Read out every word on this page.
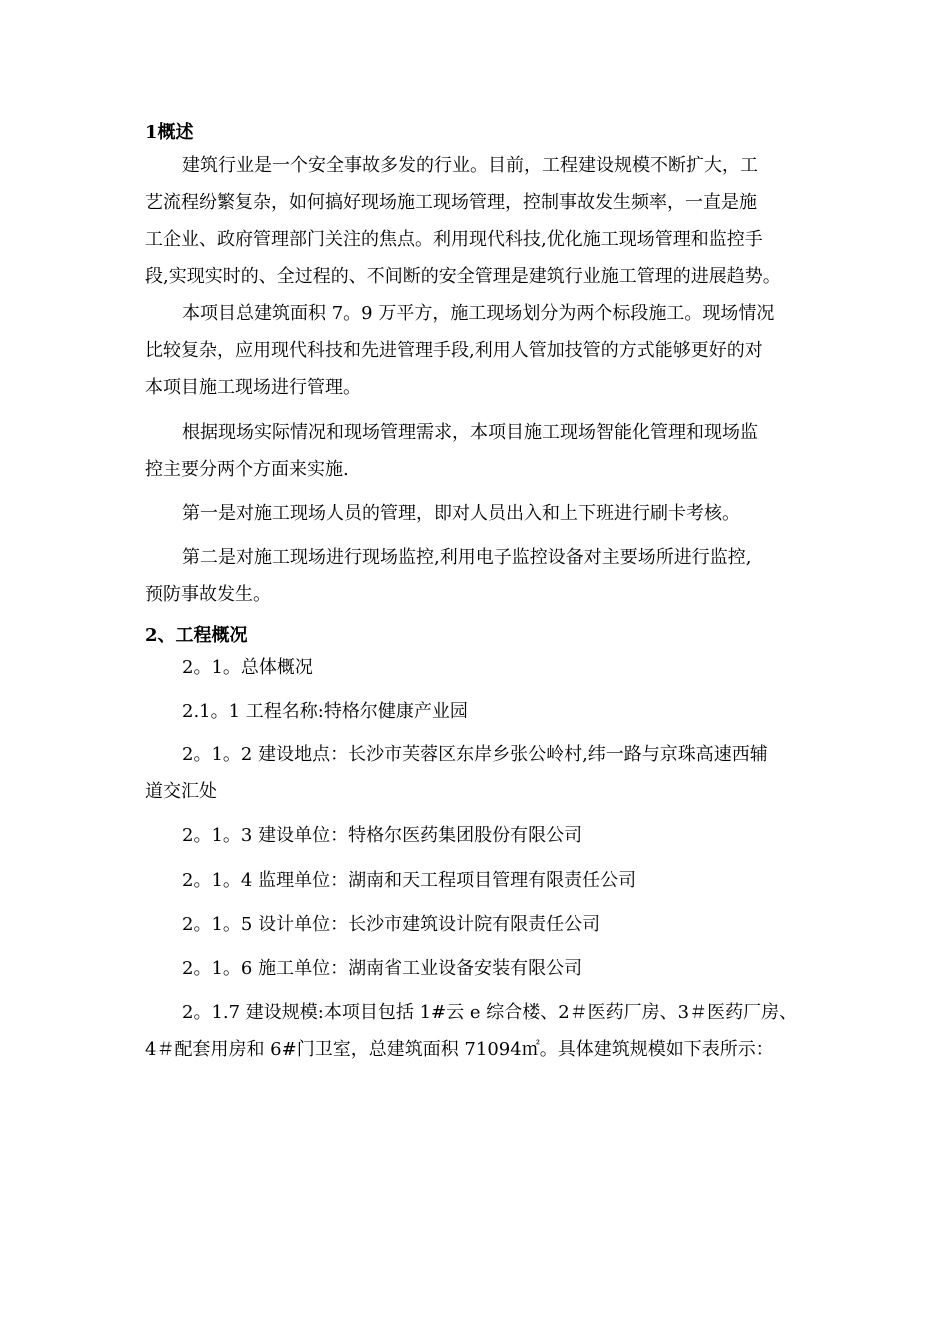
1概述
建筑行业是一个安全事故多发的行业。目前，工程建设规模不断扩大，工
艺流程纷繁复杂，如何搞好现场施工现场管理，控制事故发生频率，一直是施
工企业、政府管理部门关注的焦点。利用现代科技,优化施工现场管理和监控手
段,实现实时的、全过程的、不间断的安全管理是建筑行业施工管理的进展趋势。
本项目总建筑面积 7。9 万平方，施工现场划分为两个标段施工。现场情况
比较复杂，应用现代科技和先进管理手段,利用人管加技管的方式能够更好的对
本项目施工现场进行管理。
根据现场实际情况和现场管理需求，本项目施工现场智能化管理和现场监
控主要分两个方面来实施.
第一是对施工现场人员的管理，即对人员出入和上下班进行刷卡考核。
第二是对施工现场进行现场监控,利用电子监控设备对主要场所进行监控,
预防事故发生。
2、工程概况
2。1。总体概况
2.1。1 工程名称:特格尔健康产业园
2。1。2 建设地点：长沙市芙蓉区东岸乡张公岭村,纬一路与京珠高速西辅
道交汇处
2。1。3 建设单位：特格尔医药集团股份有限公司
2。1。4 监理单位：湖南和天工程项目管理有限责任公司
2。1。5 设计单位：长沙市建筑设计院有限责任公司
2。1。6 施工单位：湖南省工业设备安装有限公司
2。1.7 建设规模:本项目包括 1#云 e 综合楼、2＃医药厂房、3＃医药厂房、
4＃配套用房和 6#门卫室，总建筑面积 71094㎡。具体建筑规模如下表所示：
